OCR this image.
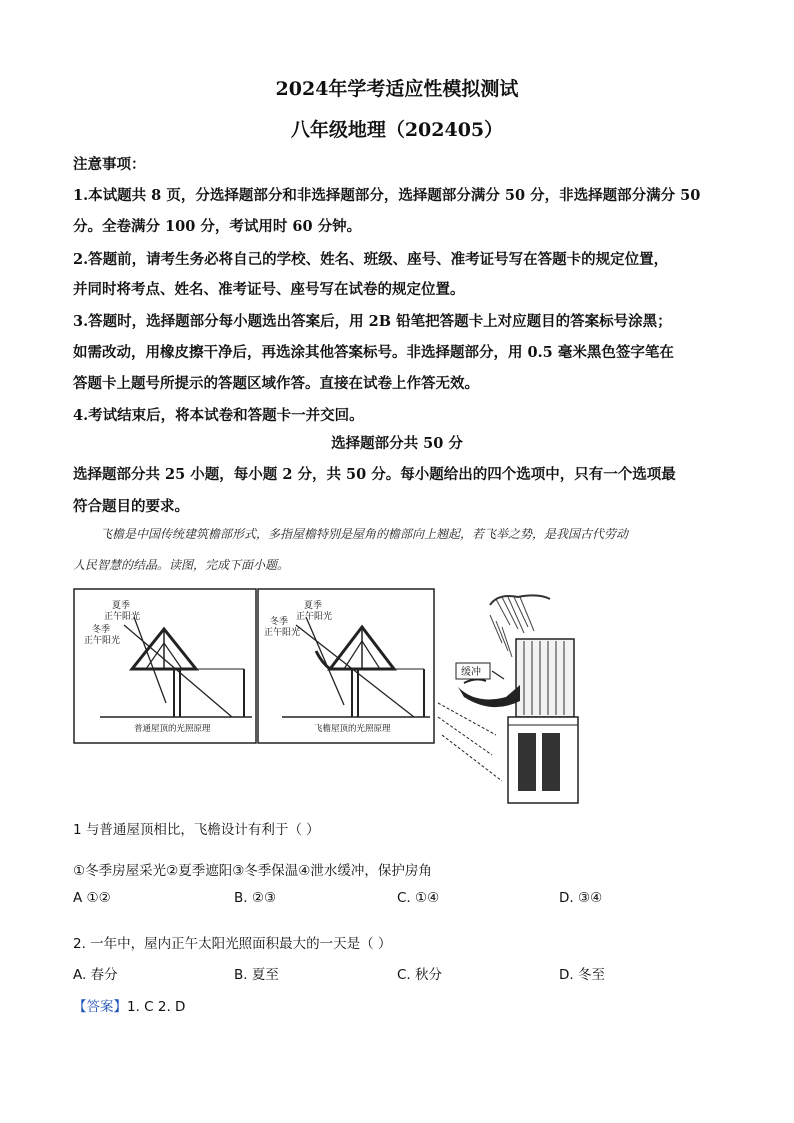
2024年学考适应性模拟测试
八年级地理（202405）
注意事项：
1.本试题共 8 页，分选择题部分和非选择题部分，选择题部分满分 50 分，非选择题部分满分 50
分。全卷满分 100 分，考试用时 60 分钟。
2.答题前，请考生务必将自己的学校、姓名、班级、座号、准考证号写在答题卡的规定位置，
并同时将考点、姓名、准考证号、座号写在试卷的规定位置。
3.答题时，选择题部分每小题选出答案后，用 2B 铅笔把答题卡上对应题目的答案标号涂黑；
如需改动，用橡皮擦干净后，再选涂其他答案标号。非选择题部分，用 0.5 毫米黑色签字笔在
答题卡上题号所提示的答题区域作答。直接在试卷上作答无效。
4.考试结束后，将本试卷和答题卡一并交回。
选择题部分共 50 分
选择题部分共 25 小题，每小题 2 分，共 50 分。每小题给出的四个选项中，只有一个选项最
符合题目的要求。
飞檐是中国传统建筑檐部形式，多指屋檐特别是屋角的檐部向上翘起，若飞举之势，是我国古代劳动
人民智慧的结晶。读图，完成下面小题。
夏季
正午阳光
冬季
正午阳光
普通屋顶的光照原理
夏季
正午阳光
冬季
正午阳光
飞檐屋顶的光照原理
缓冲
1 与普通屋顶相比，飞檐设计有利于（ ）
①冬季房屋采光②夏季遮阳③冬季保温④泄水缓冲，保护房角
A ①②	B. ②③	C. ①④	D. ③④
2. 一年中，屋内正午太阳光照面积最大的一天是（ ）
A. 春分	B. 夏至	C. 秋分	D. 冬至
【答案】1. C 2. D
